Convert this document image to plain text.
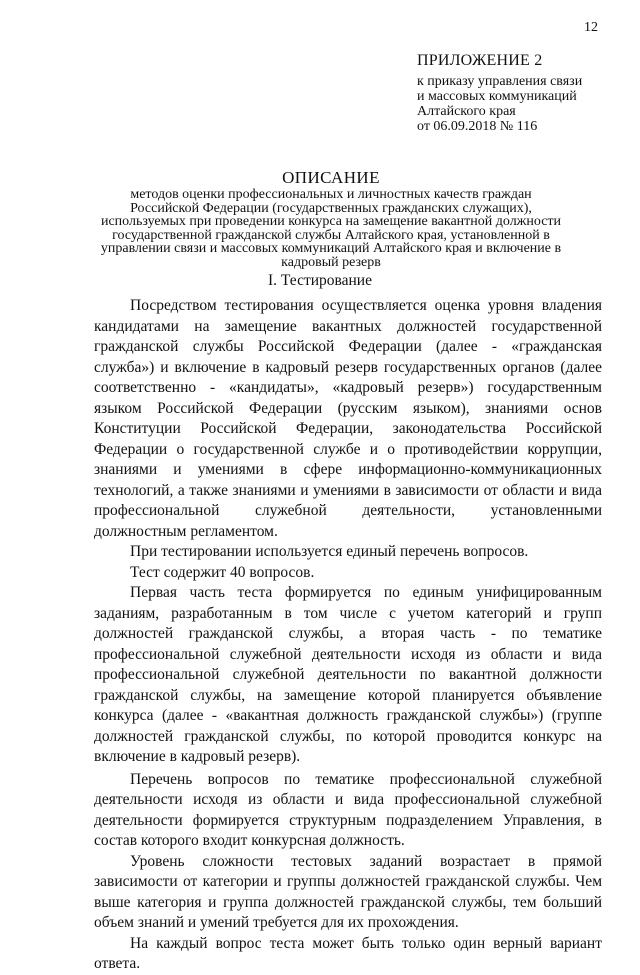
12
ПРИЛОЖЕНИЕ 2
к приказу управления связи
и массовых коммуникаций
Алтайского края
от 06.09.2018 № 116
ОПИСАНИЕ
методов оценки профессиональных и личностных качеств граждан Российской Федерации (государственных гражданских служащих), используемых при проведении конкурса на замещение вакантной должности государственной гражданской службы Алтайского края, установленной в управлении связи и массовых коммуникаций Алтайского края и включение в кадровый резерв
I. Тестирование

Посредством тестирования осуществляется оценка уровня владения кандидатами на замещение вакантных должностей государственной гражданской службы Российской Федерации (далее - «гражданская служба») и включение в кадровый резерв государственных органов (далее соответственно - «кандидаты», «кадровый резерв») государственным языком Российской Федерации (русским языком), знаниями основ Конституции Российской Федерации, законодательства Российской Федерации о государственной службе и о противодействии коррупции, знаниями и умениями в сфере информационно-коммуникационных технологий, а также знаниями и умениями в зависимости от области и вида профессиональной служебной деятельности, установленными должностным регламентом.

При тестировании используется единый перечень вопросов.

Тест содержит 40 вопросов.

Первая часть теста формируется по единым унифицированным заданиям, разработанным в том числе с учетом категорий и групп должностей гражданской службы, а вторая часть - по тематике профессиональной служебной деятельности исходя из области и вида профессиональной служебной деятельности по вакантной должности гражданской службы, на замещение которой планируется объявление конкурса (далее - «вакантная должность гражданской службы») (группе должностей гражданской службы, по которой проводится конкурс на включение в кадровый резерв).

Перечень вопросов по тематике профессиональной служебной деятельности исходя из области и вида профессиональной служебной деятельности формируется структурным подразделением Управления, в состав которого входит конкурсная должность.

Уровень сложности тестовых заданий возрастает в прямой зависимости от категории и группы должностей гражданской службы. Чем выше категория и группа должностей гражданской службы, тем больший объем знаний и умений требуется для их прохождения.

На каждый вопрос теста может быть только один верный вариант ответа.
